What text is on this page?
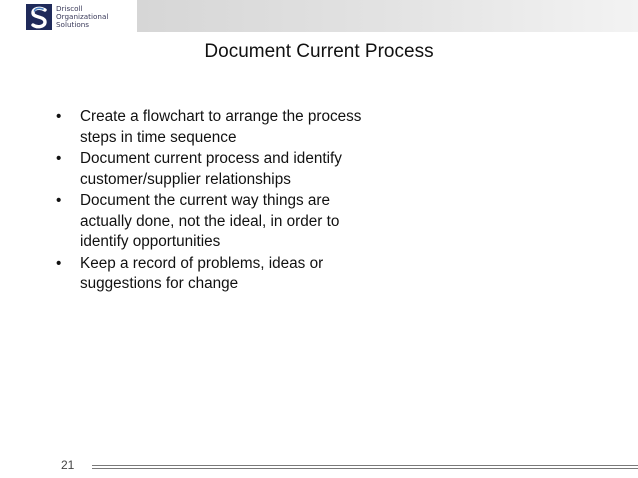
Driscoll
Organizational
Solutions
Document Current Process
•	Create a flowchart to arrange the process steps in time sequence
•	Document current process and identify customer/supplier relationships
•	Document the current way things are actually done, not the ideal, in order to identify opportunities
•	Keep a record of problems, ideas or suggestions for change
21
